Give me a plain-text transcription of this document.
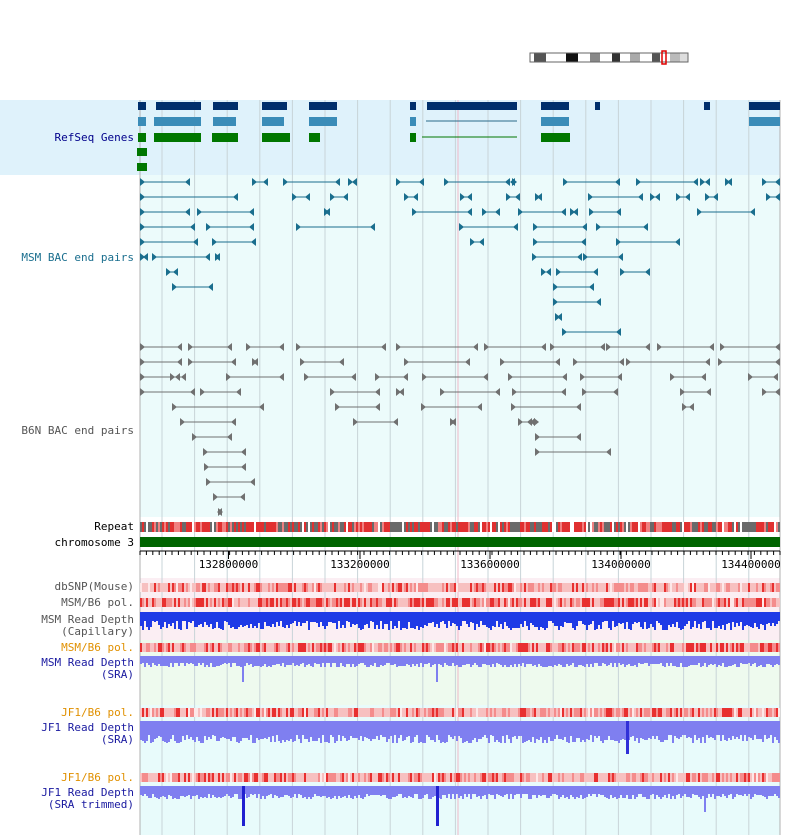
132800000	133200000	133600000	134000000	134400000
RefSeq Genes
MSM BAC end pairs
B6N BAC end pairs
Repeat
chromosome 3
dbSNP(Mouse)
MSM/B6 pol.
MSM Read Depth
(Capillary)
MSM/B6 pol.
MSM Read Depth
(SRA)
JF1/B6 pol.
JF1 Read Depth
(SRA)
JF1/B6 pol.
JF1 Read Depth
(SRA trimmed)
